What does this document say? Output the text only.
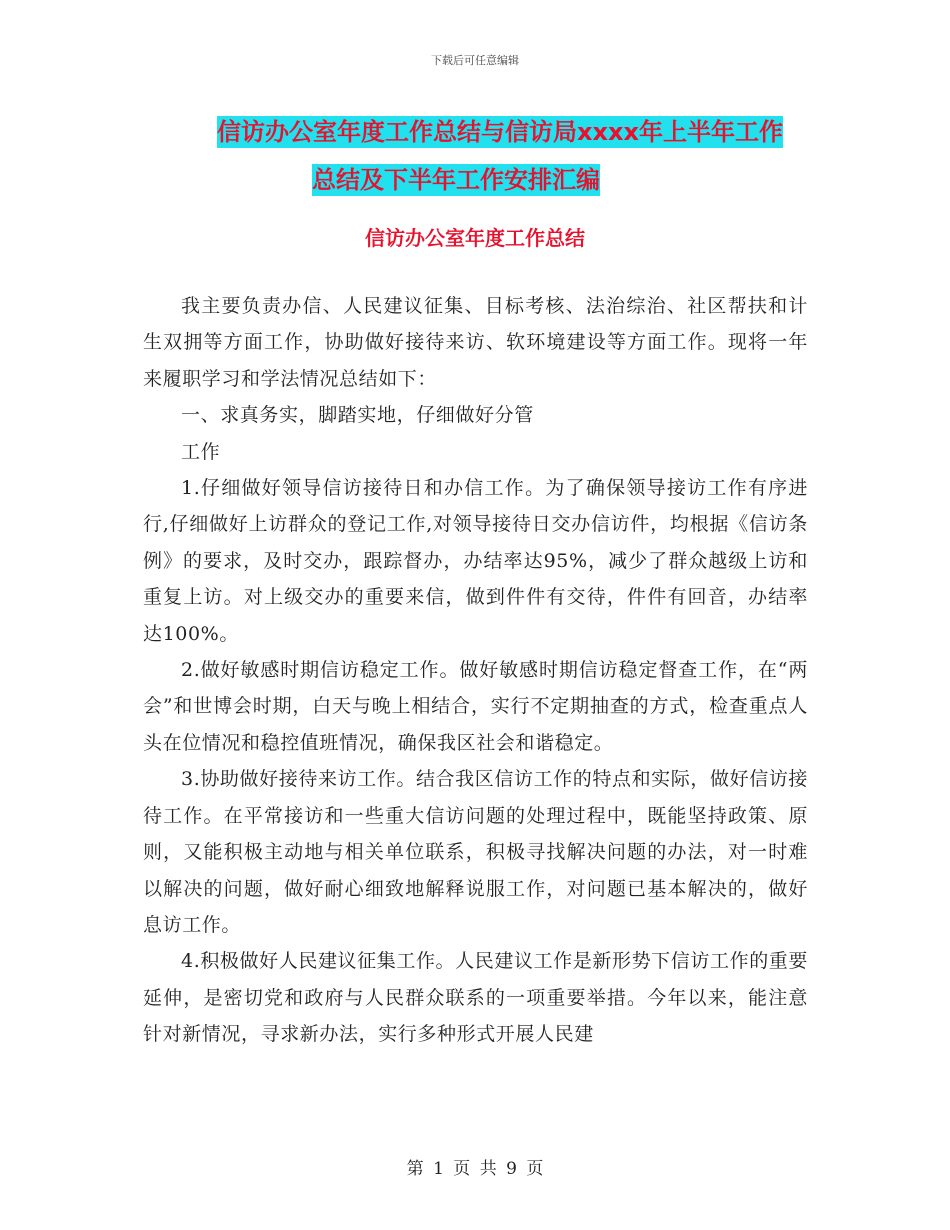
下载后可任意编辑
信访办公室年度工作总结与信访局xxxx年上半年工作
总结及下半年工作安排汇编
信访办公室年度工作总结

我主要负责办信、人民建议征集、目标考核、法治综治、社区帮扶和计生双拥等方面工作，协助做好接待来访、软环境建设等方面工作。现将一年来履职学习和学法情况总结如下：

一、求真务实，脚踏实地，仔细做好分管

工作

1.仔细做好领导信访接待日和办信工作。为了确保领导接访工作有序进行,仔细做好上访群众的登记工作,对领导接待日交办信访件，均根据《信访条例》的要求，及时交办，跟踪督办，办结率达95%，减少了群众越级上访和重复上访。对上级交办的重要来信，做到件件有交待，件件有回音，办结率达100%。

2.做好敏感时期信访稳定工作。做好敏感时期信访稳定督查工作，在“两会”和世博会时期，白天与晚上相结合，实行不定期抽查的方式，检查重点人头在位情况和稳控值班情况，确保我区社会和谐稳定。

3.协助做好接待来访工作。结合我区信访工作的特点和实际，做好信访接待工作。在平常接访和一些重大信访问题的处理过程中，既能坚持政策、原则，又能积极主动地与相关单位联系，积极寻找解决问题的办法，对一时难以解决的问题，做好耐心细致地解释说服工作，对问题已基本解决的，做好息访工作。

4.积极做好人民建议征集工作。人民建议工作是新形势下信访工作的重要延伸，是密切党和政府与人民群众联系的一项重要举措。今年以来，能注意针对新情况，寻求新办法，实行多种形式开展人民建

第 1 页 共 9 页
